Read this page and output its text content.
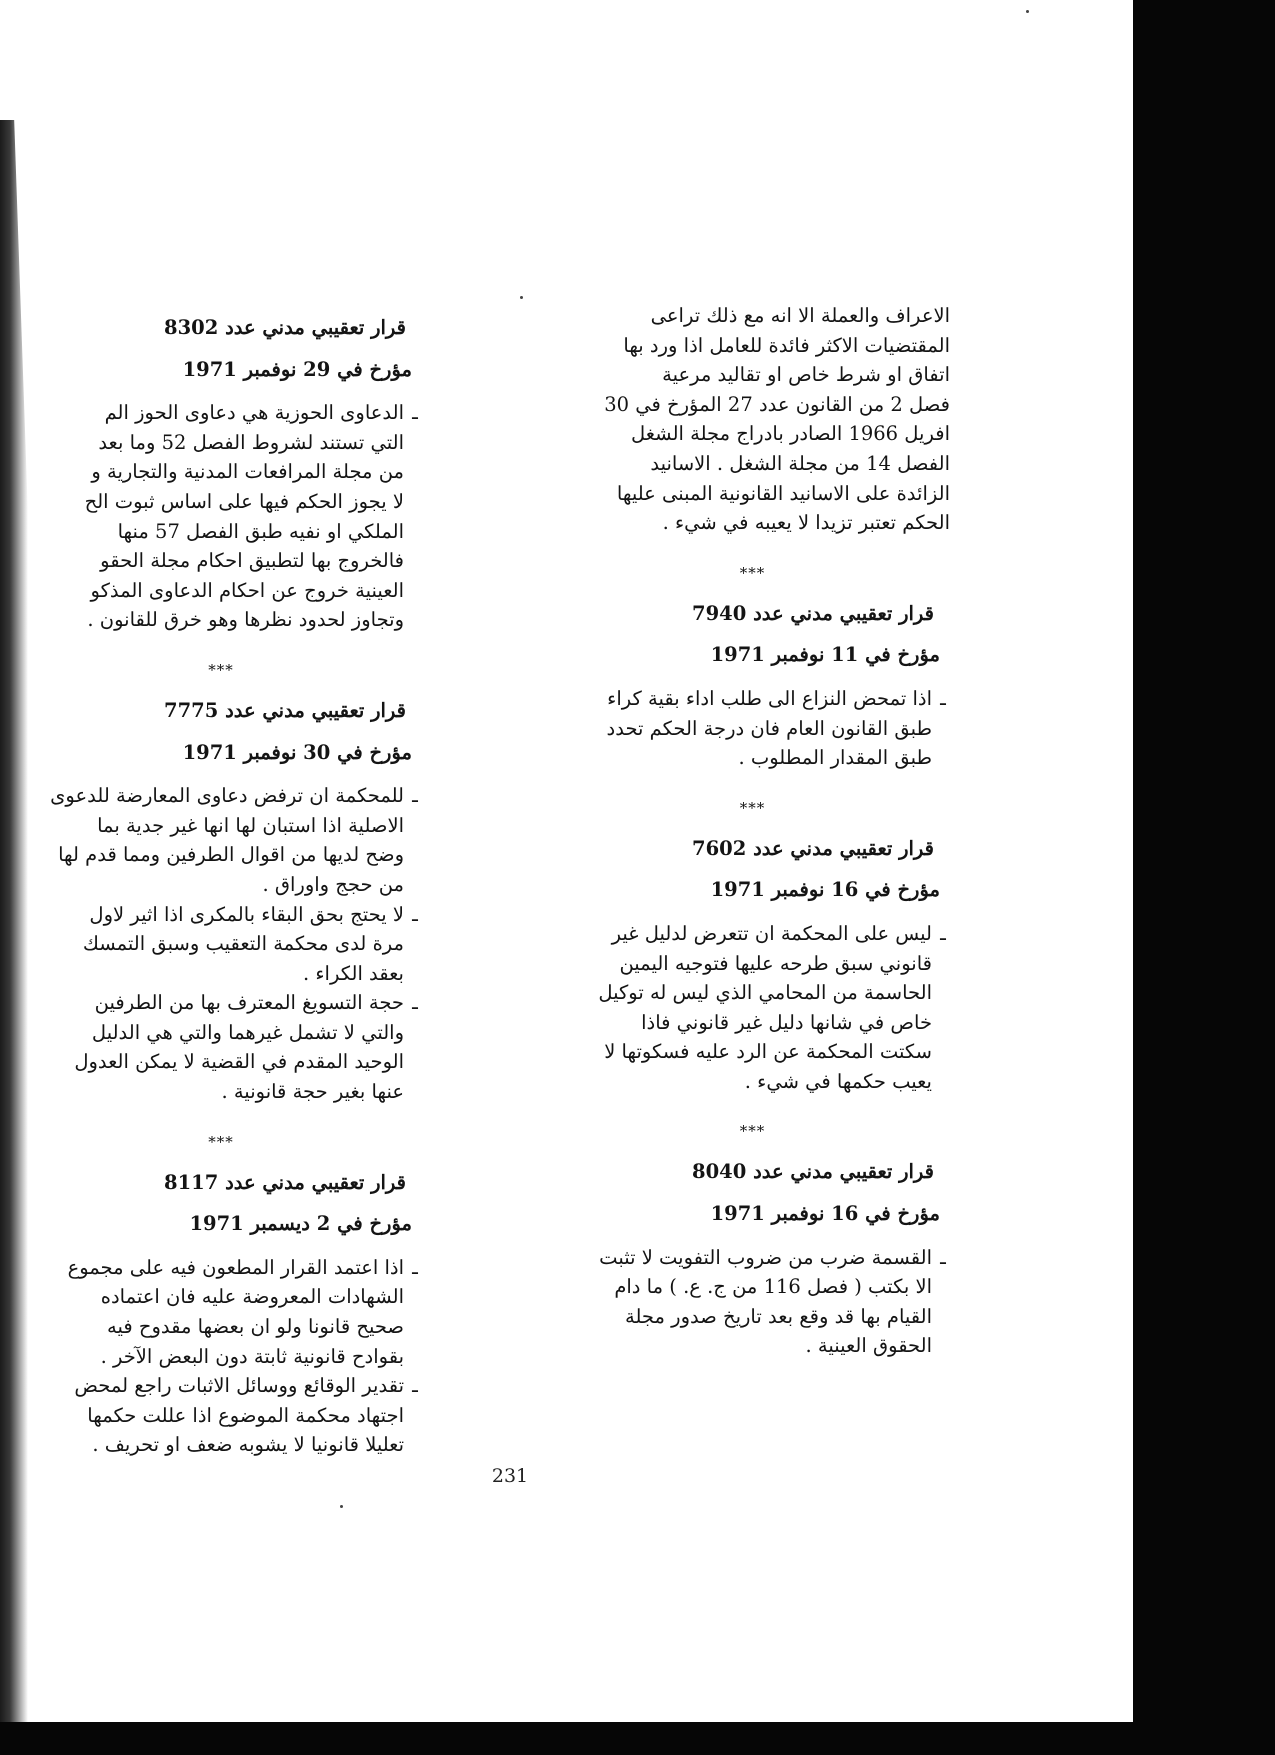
الاعراف والعملة الا انه مع ذلك تراعى
المقتضيات الاكثر فائدة للعامل اذا ورد بها
اتفاق او شرط خاص او تقاليد مرعية
فصل 2 من القانون عدد 27 المؤرخ في 30
افريل 1966 الصادر بادراج مجلة الشغل
الفصل 14 من مجلة الشغل . الاسانيد
الزائدة على الاسانيد القانونية المبنى عليها
الحكم تعتبر تزيدا لا يعيبه في شيء .
***
قرار تعقيبي مدني عدد 7940
مؤرخ في 11 نوفمبر 1971
ـ
اذا تمحض النزاع الى طلب اداء بقية كراء
طبق القانون العام فان درجة الحكم تحدد
طبق المقدار المطلوب .
***
قرار تعقيبي مدني عدد 7602
مؤرخ في 16 نوفمبر 1971
ـ
ليس على المحكمة ان تتعرض لدليل غير
قانوني سبق طرحه عليها فتوجيه اليمين
الحاسمة من المحامي الذي ليس له توكيل
خاص في شانها دليل غير قانوني فاذا
سكتت المحكمة عن الرد عليه فسكوتها لا
يعيب حكمها في شيء .
***
قرار تعقيبي مدني عدد 8040
مؤرخ في 16 نوفمبر 1971
ـ
القسمة ضرب من ضروب التفويت لا تثبت
الا بكتب ( فصل 116 من ج. ع. ) ما دام
القيام بها قد وقع بعد تاريخ صدور مجلة
الحقوق العينية .
قرار تعقيبي مدني عدد 8302
مؤرخ في 29 نوفمبر 1971
ـ
الدعاوى الحوزية هي دعاوى الحوز الم
التي تستند لشروط الفصل 52 وما بعد
من مجلة المرافعات المدنية والتجارية و
لا يجوز الحكم فيها على اساس ثبوت الح
الملكي او نفيه طبق الفصل 57 منها
فالخروج بها لتطبيق احكام مجلة الحقو
العينية خروج عن احكام الدعاوى المذكو
وتجاوز لحدود نظرها وهو خرق للقانون .
***
قرار تعقيبي مدني عدد 7775
مؤرخ في 30 نوفمبر 1971
ـ
للمحكمة ان ترفض دعاوى المعارضة للدعوى
الاصلية اذا استبان لها انها غير جدية بما
وضح لديها من اقوال الطرفين ومما قدم لها
من حجج واوراق .
ـ
لا يحتج بحق البقاء بالمكرى اذا اثير لاول
مرة لدى محكمة التعقيب وسبق التمسك
بعقد الكراء .
ـ
حجة التسويغ المعترف بها من الطرفين
والتي لا تشمل غيرهما والتي هي الدليل
الوحيد المقدم في القضية لا يمكن العدول
عنها بغير حجة قانونية .
***
قرار تعقيبي مدني عدد 8117
مؤرخ في 2 ديسمبر 1971
ـ
اذا اعتمد القرار المطعون فيه على مجموع
الشهادات المعروضة عليه فان اعتماده
صحيح قانونا ولو ان بعضها مقدوح فيه
بقوادح قانونية ثابتة دون البعض الآخر .
ـ
تقدير الوقائع ووسائل الاثبات راجع لمحض
اجتهاد محكمة الموضوع اذا عللت حكمها
تعليلا قانونيا لا يشوبه ضعف او تحريف .
231
